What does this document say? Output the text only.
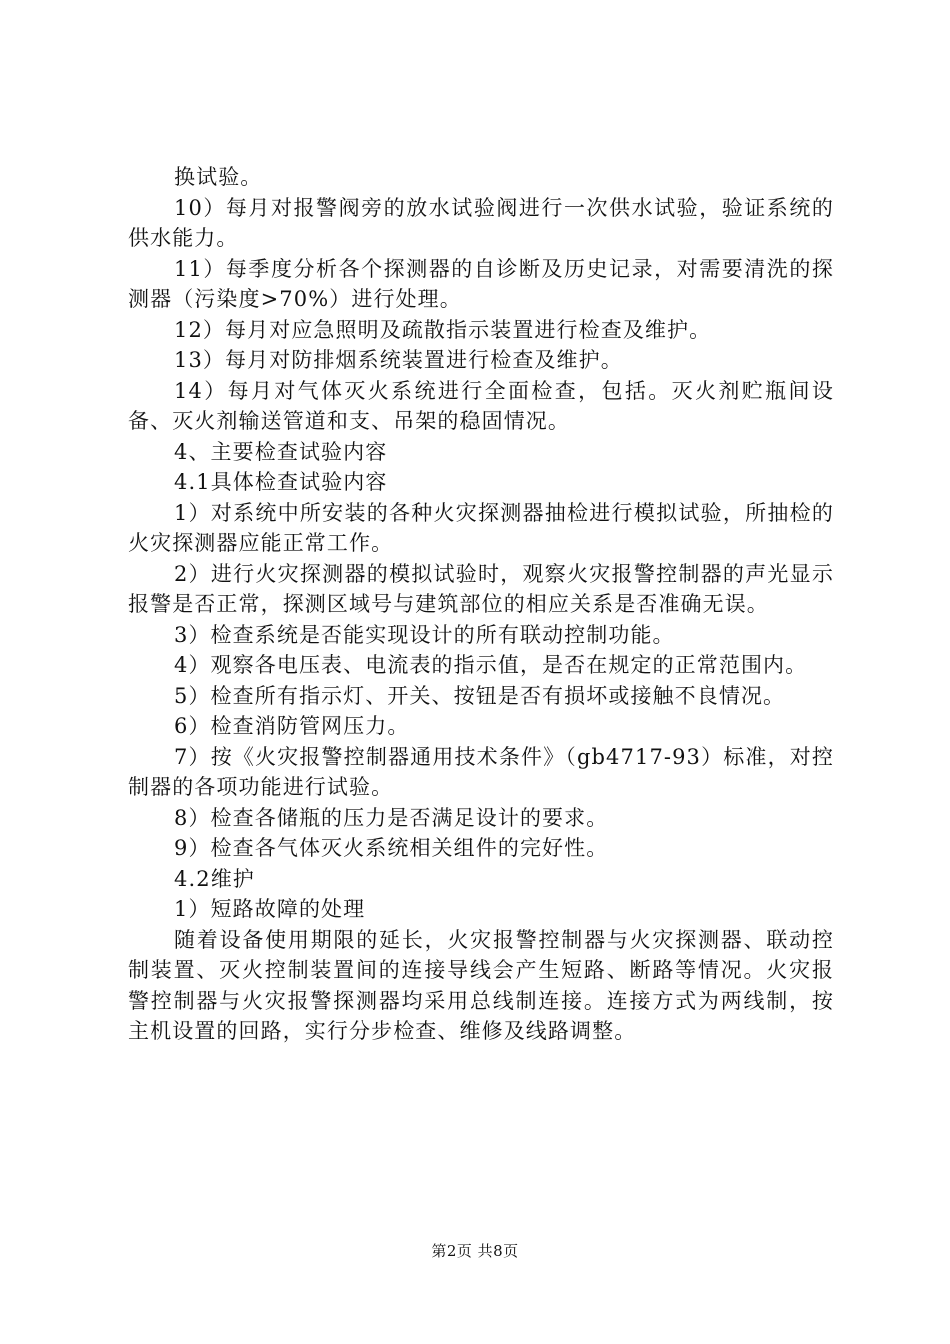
换试验。

10）每月对报警阀旁的放水试验阀进行一次供水试验，验证系统的供水能力。

11）每季度分析各个探测器的自诊断及历史记录，对需要清洗的探测器（污染度>70%）进行处理。

12）每月对应急照明及疏散指示装置进行检查及维护。

13）每月对防排烟系统装置进行检查及维护。

14）每月对气体灭火系统进行全面检查，包括。灭火剂贮瓶间设备、灭火剂输送管道和支、吊架的稳固情况。

4、主要检查试验内容

4.1具体检查试验内容

1）对系统中所安装的各种火灾探测器抽检进行模拟试验，所抽检的火灾探测器应能正常工作。

2）进行火灾探测器的模拟试验时，观察火灾报警控制器的声光显示报警是否正常，探测区域号与建筑部位的相应关系是否准确无误。

3）检查系统是否能实现设计的所有联动控制功能。

4）观察各电压表、电流表的指示值，是否在规定的正常范围内。

5）检查所有指示灯、开关、按钮是否有损坏或接触不良情况。

6）检查消防管网压力。

7）按《火灾报警控制器通用技术条件》（gb4717-93）标准，对控制器的各项功能进行试验。

8）检查各储瓶的压力是否满足设计的要求。

9）检查各气体灭火系统相关组件的完好性。

4.2维护

1）短路故障的处理

随着设备使用期限的延长，火灾报警控制器与火灾探测器、联动控制装置、灭火控制装置间的连接导线会产生短路、断路等情况。火灾报警控制器与火灾报警探测器均采用总线制连接。连接方式为两线制，按主机设置的回路，实行分步检查、维修及线路调整。

第2页 共8页
